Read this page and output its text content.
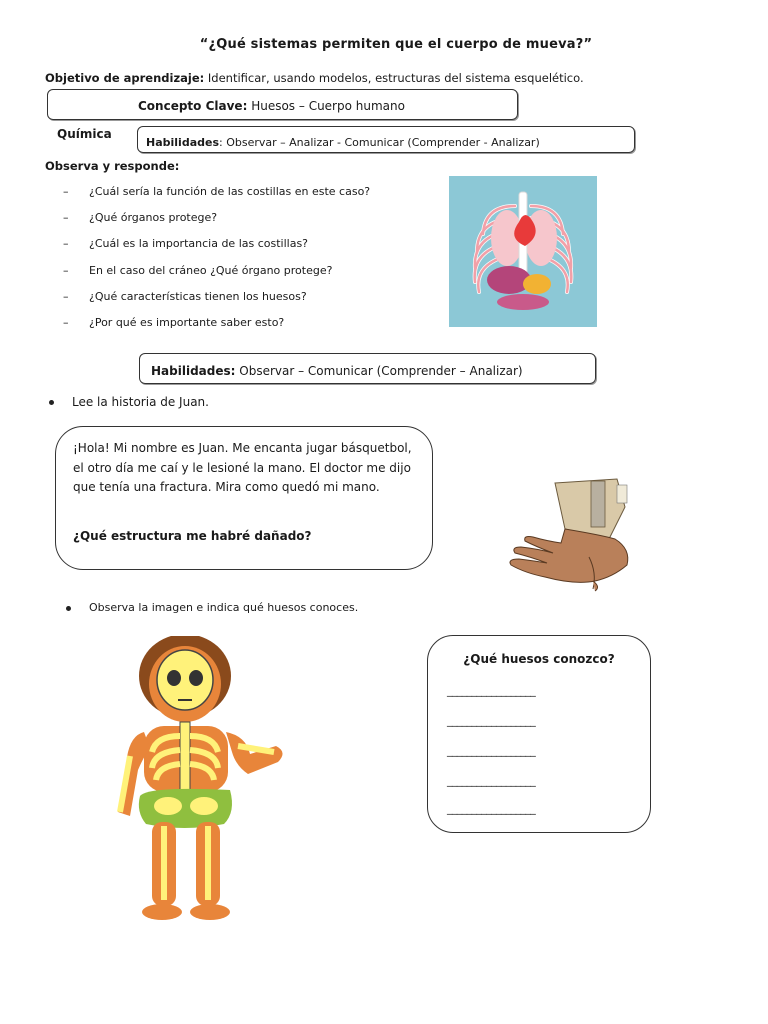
“¿Qué sistemas permiten que el cuerpo de mueva?”
Objetivo de aprendizaje: Identificar, usando modelos, estructuras del sistema esquelético.
Concepto Clave: Huesos – Cuerpo humano
Habilidades: Observar – Analizar - Comunicar (Comprender - Analizar)
Química
Observa y responde:
– ¿Cuál sería la función de las costillas en este caso?
– ¿Qué órganos protege?
– ¿Cuál es la importancia de las costillas?
– En el caso del cráneo ¿Qué órgano protege?
– ¿Qué características tienen los huesos?
– ¿Por qué es importante saber esto?
Habilidades: Observar – Comunicar (Comprender – Analizar)
Lee la historia de Juan.
¡Hola! Mi nombre es Juan. Me encanta jugar básquetbol, el otro día me caí y le lesioné la mano. El doctor me dijo que tenía una fractura. Mira como quedó mi mano.
¿Qué estructura me habré dañado?
Observa la imagen e indica qué huesos conoces.
¿Qué huesos conozco?
__________________
__________________
__________________
__________________
__________________
